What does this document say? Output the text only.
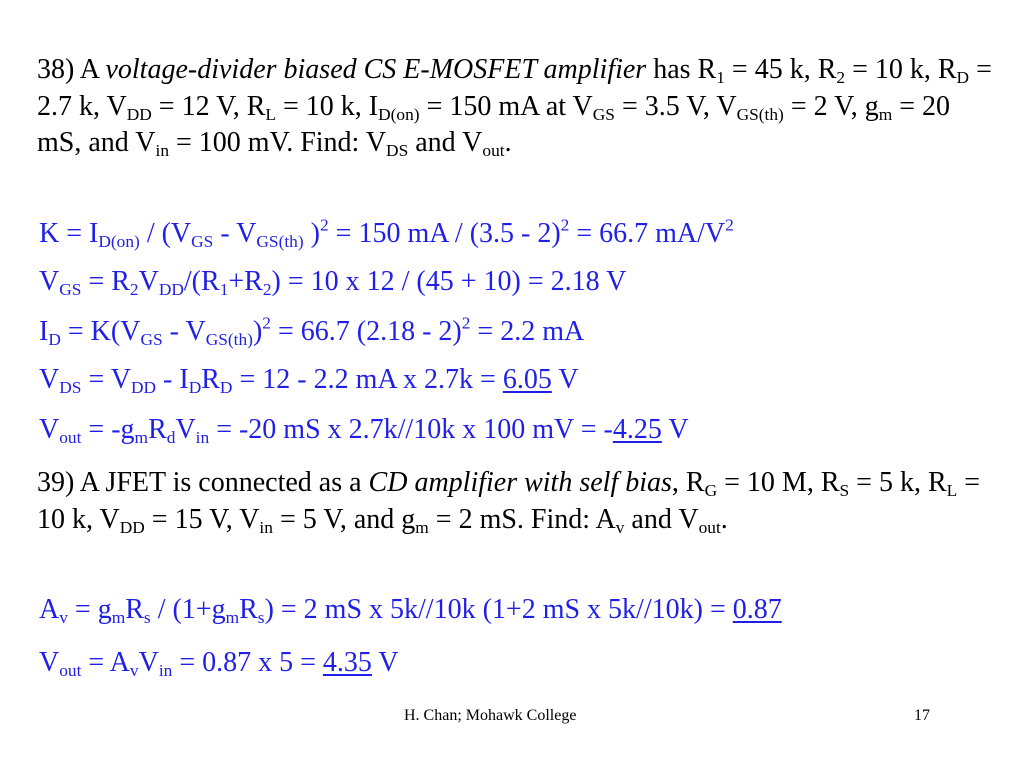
38) A voltage-divider biased CS E-MOSFET amplifier has $R_1 = 45$ k, $R_2 = 10$ k, $R_D = 2.7$ k, $V_{DD} = 12$ V, $R_L = 10$ k, $I_{D(on)} = 150$ mA at $V_{GS} = 3.5$ V, $V_{GS(th)} = 2$ V, $g_m = 20$ mS, and $V_{in} = 100$ mV. Find: $V_{DS}$ and $V_{out}$.
$K = I_{D(on)} / (V_{GS} - V_{GS(th)}$ )$^2$ = 150 mA / (3.5 - 2)$^2$ = 66.7 $mA/V^2$
$V_{GS} = R_2V_{DD}/(R_1+R_2) = 10$ x 12 / (45 + 10) = 2.18 V
$I_D = K(V_{GS} - V_{GS(th)})^2 = 66.7$ (2.18 - 2)$^2$ = 2.2 mA
$V_{DS} = V_{DD} - I_DR_D = 12 - 2.2$ mA x 2.7k = 6.05 V
$V_{out} = -g_mR_dV_{in} = -20$ mS x 2.7k//10k x 100 mV = -4.25 V
39) A JFET is connected as a CD amplifier with self bias, $R_G = 10$ M, $R_S = 5$ k, $R_L = 10$ k, $V_{DD} = 15$ V, $V_{in} = 5$ V, and $g_m = 2$ mS. Find: $A_v$ and $V_{out}$.
$A_v = g_mR_s / (1+g_mR_s) = 2$ mS x 5k//10k (1+2 mS x 5k//10k) = 0.87
$V_{out} = A_vV_{in} = 0.87$ x 5 = 4.35 V
H. Chan; Mohawk College	17
